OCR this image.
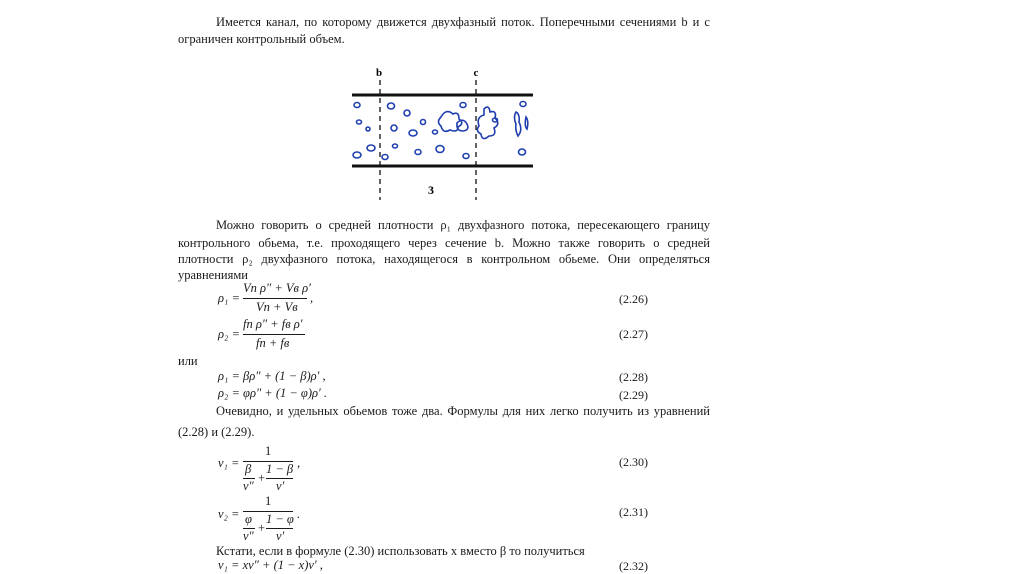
Имеется канал, по которому движется двухфазный поток. Поперечными сечениями b и c
ограничен контрольный объем.
b	c
3
Можно говорить о средней плотности ρ₁ двухфазного потока, пересекающего границу
контрольного обьема, т.е. проходящего через сечение b. Можно также говорить о средней
плотности ρ₂ двухфазного потока, находящегося в контрольном обьеме. Они определяться
уравнениями
ρ₁ =
Vп ρ″ + Vв ρ′
Vп + Vв
,	(2.26)
ρ₂ =
fп ρ″ + fв ρ′
fп + fв
(2.27)
или
ρ₁ = βρ″ + (1 − β)ρ′ ,	(2.28)
ρ₂ = φρ″ + (1 − φ)ρ′ .	(2.29)
Очевидно, и удельных обьемов тоже два. Формулы для них легко получить из уравнений
(2.28) и (2.29).
v₁ =
1
β
v″
+
1 − β
v′
,	(2.30)
v₂ =
1
φ
v″
+
1 − φ
v′
.	(2.31)
Кстати, если в формуле (2.30) использовать x вместо β то получиться
v₁ = xv″ + (1 − x)v′ ,	(2.32)
